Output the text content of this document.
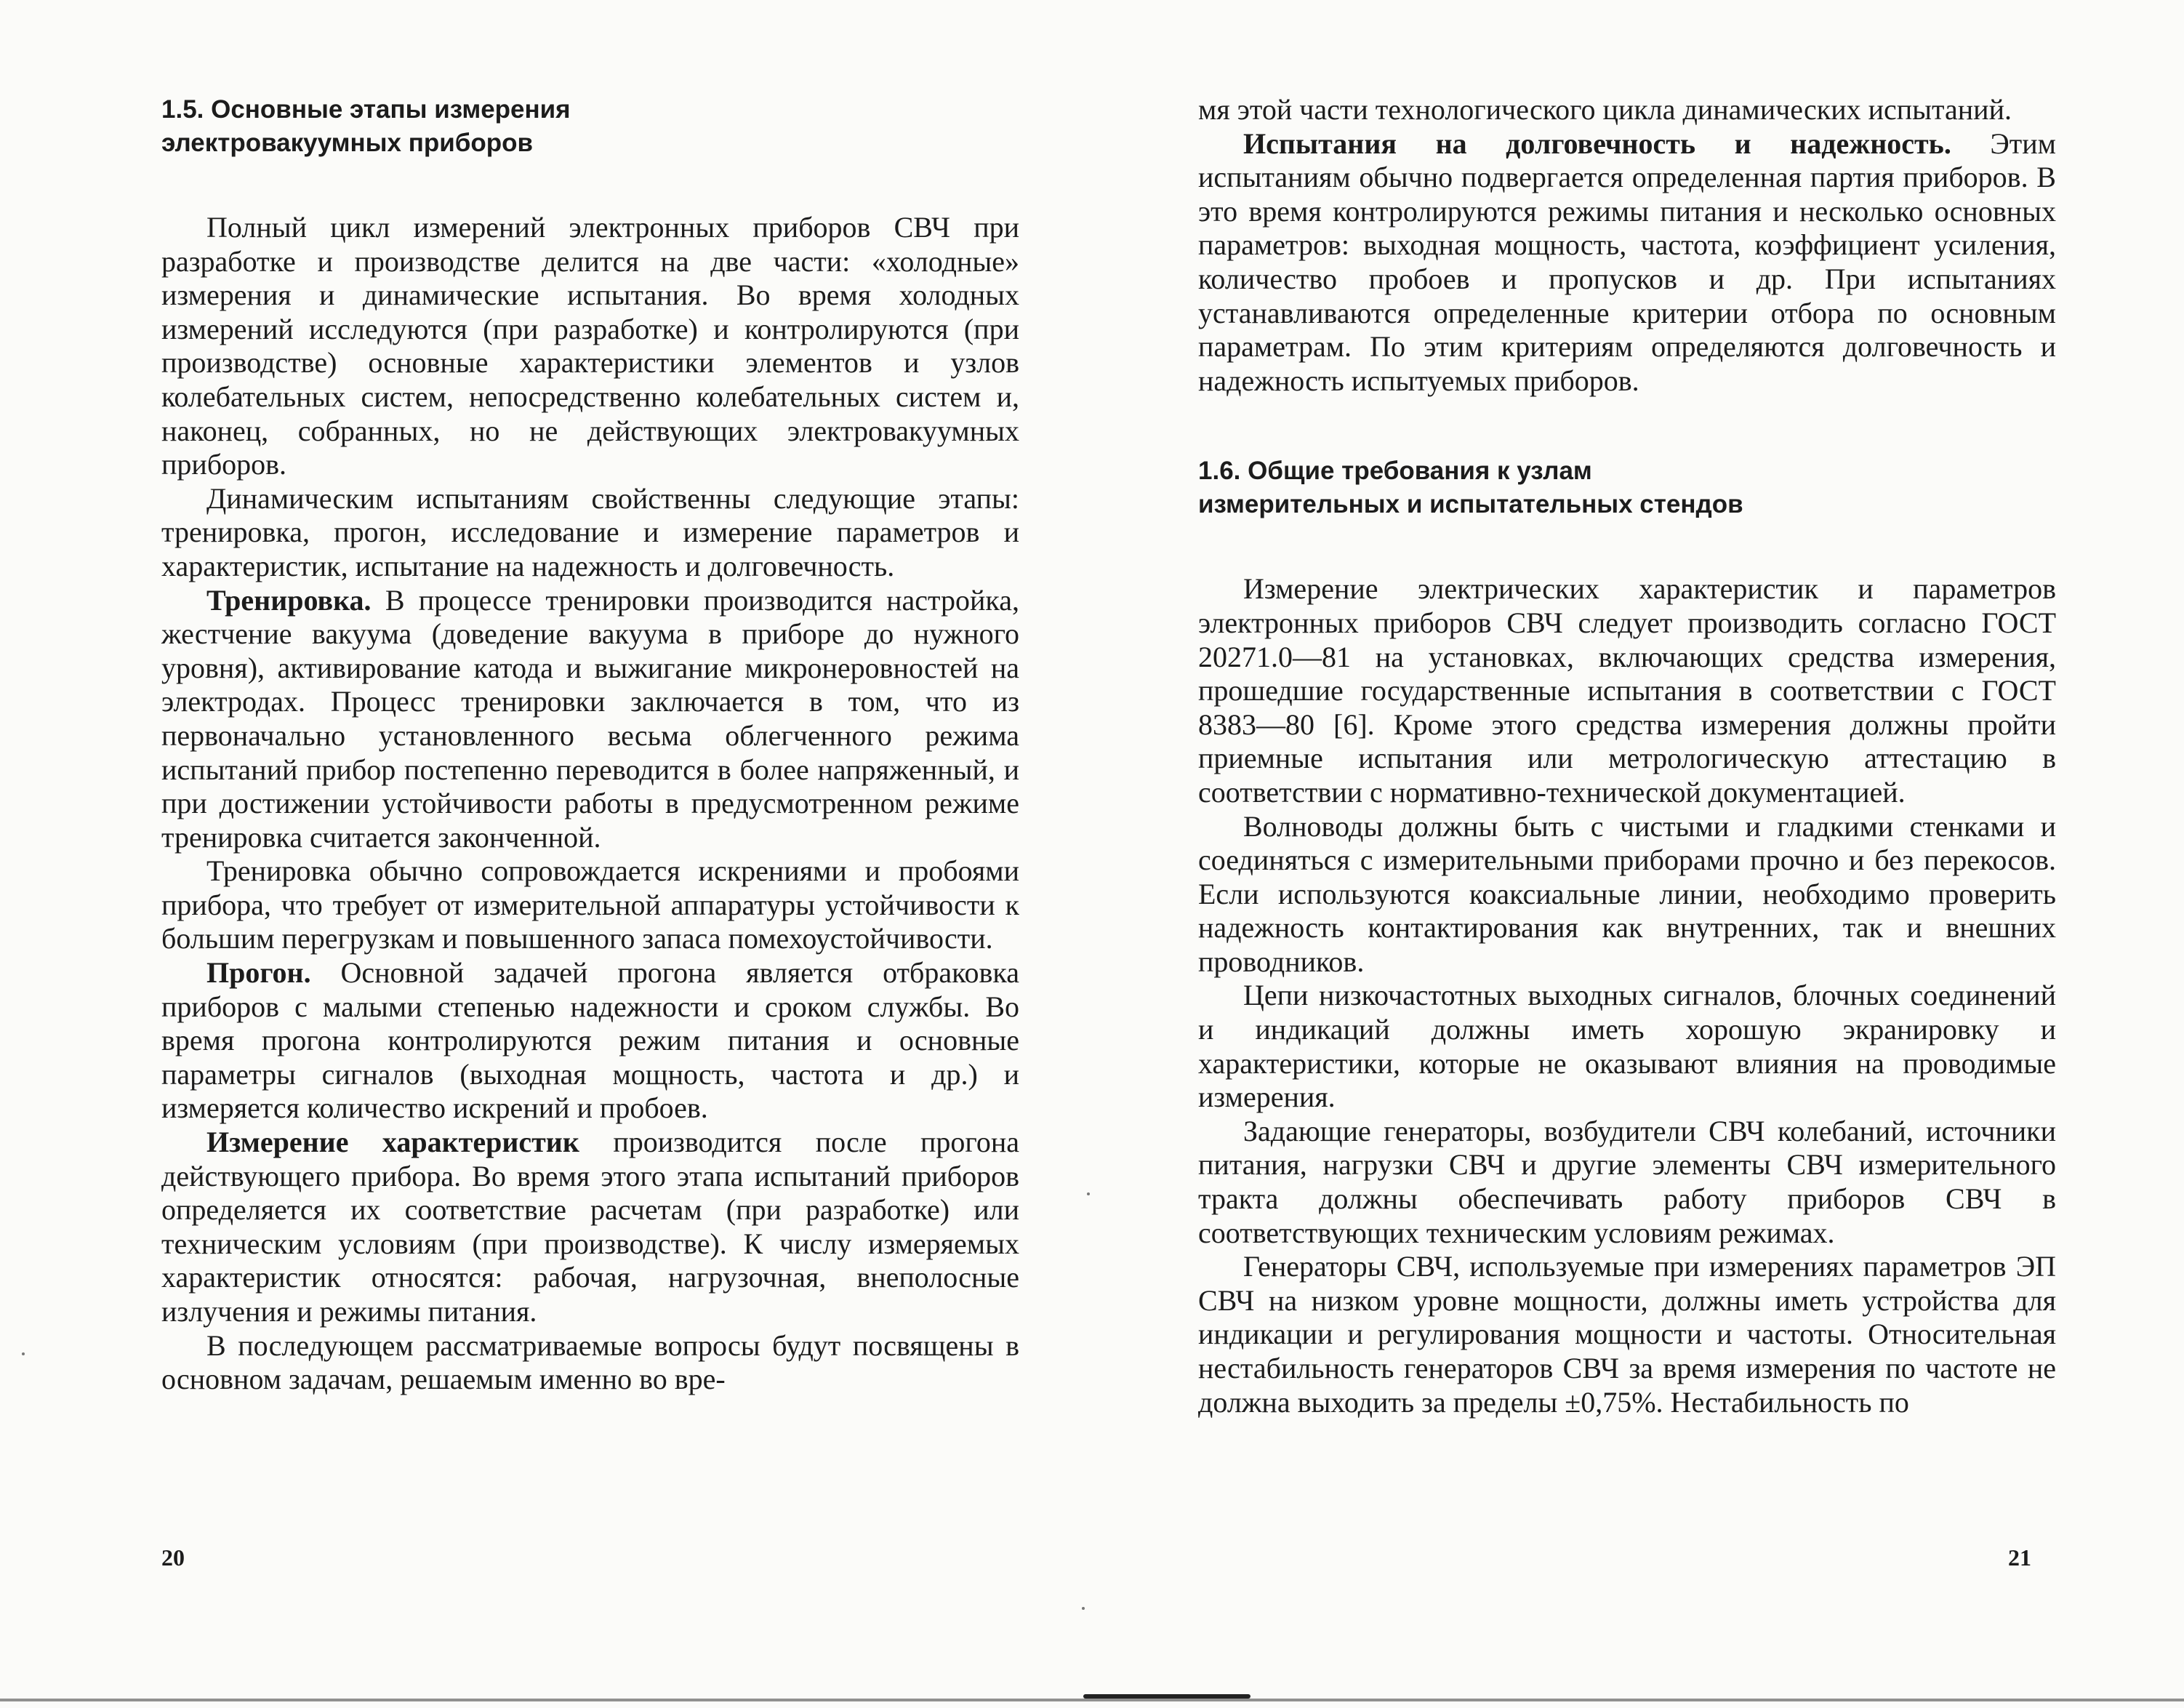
1.5. Основные этапы измерения
электровакуумных приборов

Полный цикл измерений электронных приборов СВЧ при разработке и производстве делится на две части: «холодные» измерения и динамические испытания. Во время холодных измерений исследуются (при разработке) и контролируются (при производстве) основные характеристики элементов и узлов колебательных систем, непосредственно колебательных систем и, наконец, собранных, но не действующих электровакуумных приборов.

Динамическим испытаниям свойственны следующие этапы: тренировка, прогон, исследование и измерение параметров и характеристик, испытание на надежность и долговечность.

Тренировка. В процессе тренировки производится настройка, жестчение вакуума (доведение вакуума в приборе до нужного уровня), активирование катода и выжигание микронеровностей на электродах. Процесс тренировки заключается в том, что из первоначально установленного весьма облегченного режима испытаний прибор постепенно переводится в более напряженный, и при достижении устойчивости работы в предусмотренном режиме тренировка считается законченной.

Тренировка обычно сопровождается искрениями и пробоями прибора, что требует от измерительной аппаратуры устойчивости к большим перегрузкам и повышенного запаса помехоустойчивости.

Прогон. Основной задачей прогона является отбраковка приборов с малыми степенью надежности и сроком службы. Во время прогона контролируются режим питания и основные параметры сигналов (выходная мощность, частота и др.) и измеряется количество искрений и пробоев.

Измерение характеристик производится после прогона действующего прибора. Во время этого этапа испытаний приборов определяется их соответствие расчетам (при разработке) или техническим условиям (при производстве). К числу измеряемых характеристик относятся: рабочая, нагрузочная, внеполосные излучения и режимы питания.

В последующем рассматриваемые вопросы будут посвящены в основном задачам, решаемым именно во вре-

20

мя этой части технологического цикла динамических испытаний.

Испытания на долговечность и надежность. Этим испытаниям обычно подвергается определенная партия приборов. В это время контролируются режимы питания и несколько основных параметров: выходная мощность, частота, коэффициент усиления, количество пробоев и пропусков и др. При испытаниях устанавливаются определенные критерии отбора по основным параметрам. По этим критериям определяются долговечность и надежность испытуемых приборов.

1.6. Общие требования к узлам
измерительных и испытательных стендов

Измерение электрических характеристик и параметров электронных приборов СВЧ следует производить согласно ГОСТ 20271.0—81 на установках, включающих средства измерения, прошедшие государственные испытания в соответствии с ГОСТ 8383—80 [6]. Кроме этого средства измерения должны пройти приемные испытания или метрологическую аттестацию в соответствии с нормативно-технической документацией.

Волноводы должны быть с чистыми и гладкими стенками и соединяться с измерительными приборами прочно и без перекосов. Если используются коаксиальные линии, необходимо проверить надежность контактирования как внутренних, так и внешних проводников.

Цепи низкочастотных выходных сигналов, блочных соединений и индикаций должны иметь хорошую экранировку и характеристики, которые не оказывают влияния на проводимые измерения.

Задающие генераторы, возбудители СВЧ колебаний, источники питания, нагрузки СВЧ и другие элементы СВЧ измерительного тракта должны обеспечивать работу приборов СВЧ в соответствующих техническим условиям режимах.

Генераторы СВЧ, используемые при измерениях параметров ЭП СВЧ на низком уровне мощности, должны иметь устройства для индикации и регулирования мощности и частоты. Относительная нестабильность генераторов СВЧ за время измерения по частоте не должна выходить за пределы ±0,75%. Нестабильность по

21
